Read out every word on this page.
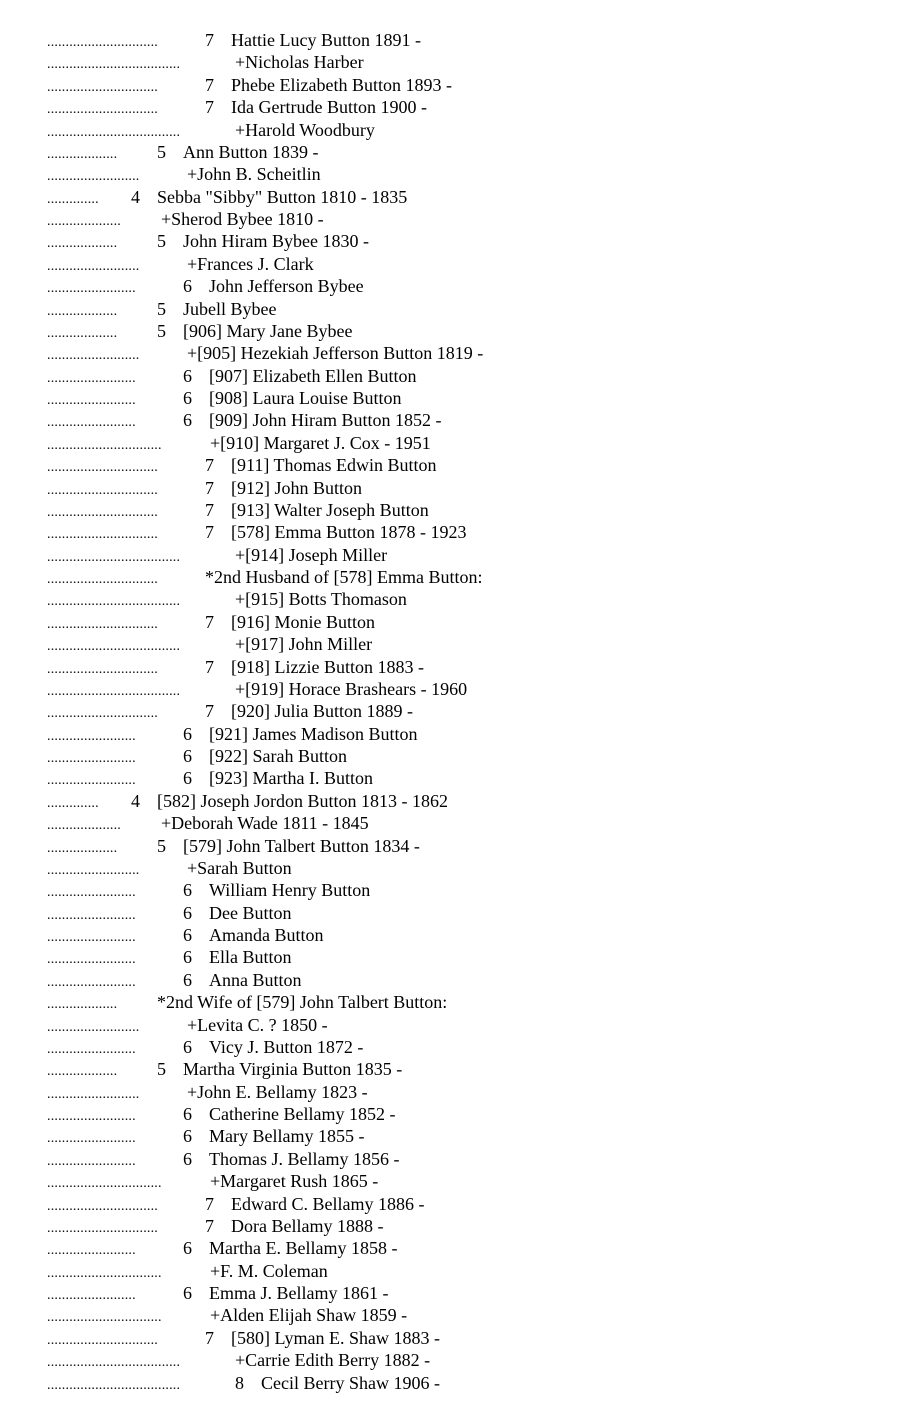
..............................	7 Hattie Lucy Button 1891 -
....................................	+Nicholas Harber
..............................	7 Phebe Elizabeth Button 1893 -
..............................	7 Ida Gertrude Button 1900 -
....................................	+Harold Woodbury
...................	5 Ann Button 1839 -
.........................	+John B. Scheitlin
..............	4 Sebba "Sibby" Button 1810 - 1835
....................	+Sherod Bybee 1810 -
...................	5 John Hiram Bybee 1830 -
.........................	+Frances J. Clark
........................	6 John Jefferson Bybee
...................	5 Jubell Bybee
...................	5 [906] Mary Jane Bybee
.........................	+[905] Hezekiah Jefferson Button 1819 -
........................	6 [907] Elizabeth Ellen Button
........................	6 [908] Laura Louise Button
........................	6 [909] John Hiram Button 1852 -
...............................	+[910] Margaret J. Cox - 1951
..............................	7 [911] Thomas Edwin Button
..............................	7 [912] John Button
..............................	7 [913] Walter Joseph Button
..............................	7 [578] Emma Button 1878 - 1923
....................................	+[914] Joseph Miller
..............................	*2nd Husband of [578] Emma Button:
....................................	+[915] Botts Thomason
..............................	7 [916] Monie Button
....................................	+[917] John Miller
..............................	7 [918] Lizzie Button 1883 -
....................................	+[919] Horace Brashears - 1960
..............................	7 [920] Julia Button 1889 -
........................	6 [921] James Madison Button
........................	6 [922] Sarah Button
........................	6 [923] Martha I. Button
..............	4 [582] Joseph Jordon Button 1813 - 1862
....................	+Deborah Wade 1811 - 1845
...................	5 [579] John Talbert Button 1834 -
.........................	+Sarah Button
........................	6 William Henry Button
........................	6 Dee Button
........................	6 Amanda Button
........................	6 Ella Button
........................	6 Anna Button
...................	*2nd Wife of [579] John Talbert Button:
.........................	+Levita C. ? 1850 -
........................	6 Vicy J. Button 1872 -
...................	5 Martha Virginia Button 1835 -
.........................	+John E. Bellamy 1823 -
........................	6 Catherine Bellamy 1852 -
........................	6 Mary Bellamy 1855 -
........................	6 Thomas J. Bellamy 1856 -
...............................	+Margaret Rush 1865 -
..............................	7 Edward C. Bellamy 1886 -
..............................	7 Dora Bellamy 1888 -
........................	6 Martha E. Bellamy 1858 -
...............................	+F. M. Coleman
........................	6 Emma J. Bellamy 1861 -
...............................	+Alden Elijah Shaw 1859 -
..............................	7 [580] Lyman E. Shaw 1883 -
....................................	+Carrie Edith Berry 1882 -
....................................	8 Cecil Berry Shaw 1906 -
